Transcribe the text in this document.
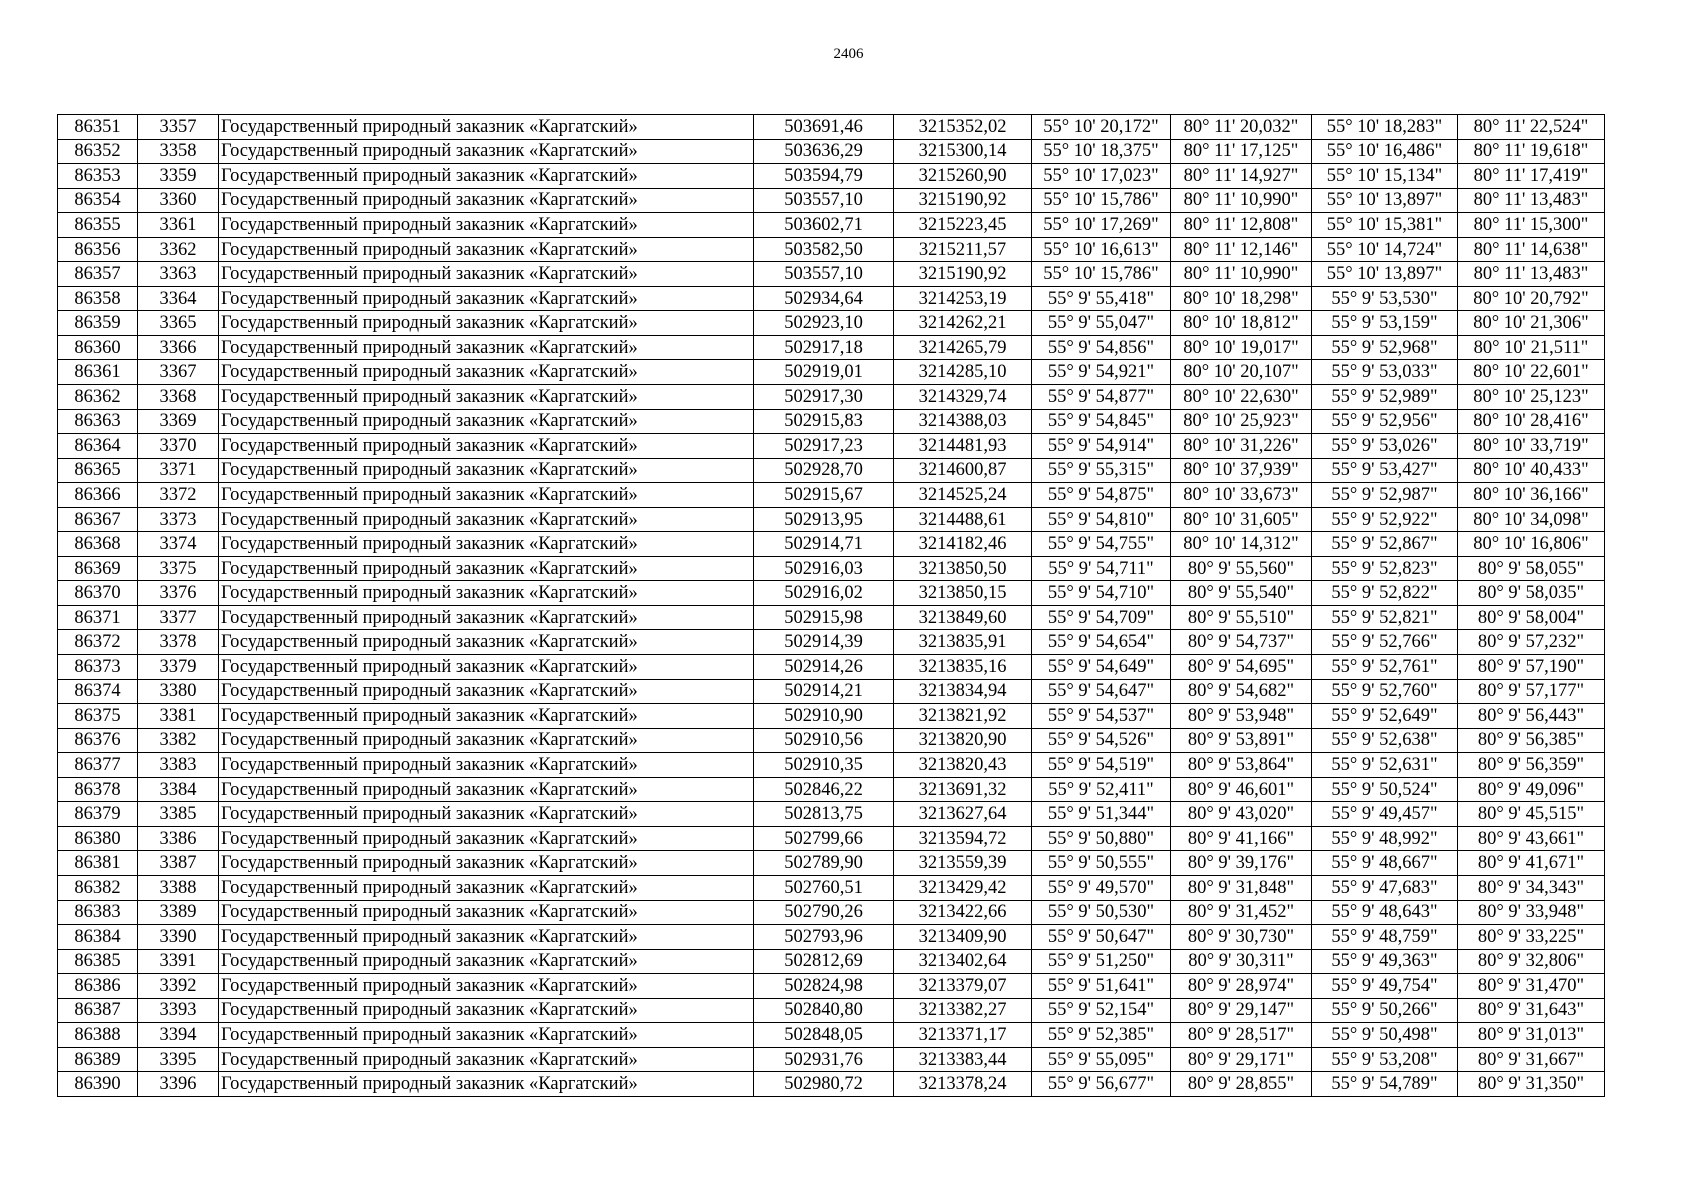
2406
86351	3357	Государственный природный заказник «Каргатский»	503691,46	3215352,02	55° 10' 20,172"	80° 11' 20,032"	55° 10' 18,283"	80° 11' 22,524"
86352	3358	Государственный природный заказник «Каргатский»	503636,29	3215300,14	55° 10' 18,375"	80° 11' 17,125"	55° 10' 16,486"	80° 11' 19,618"
86353	3359	Государственный природный заказник «Каргатский»	503594,79	3215260,90	55° 10' 17,023"	80° 11' 14,927"	55° 10' 15,134"	80° 11' 17,419"
86354	3360	Государственный природный заказник «Каргатский»	503557,10	3215190,92	55° 10' 15,786"	80° 11' 10,990"	55° 10' 13,897"	80° 11' 13,483"
86355	3361	Государственный природный заказник «Каргатский»	503602,71	3215223,45	55° 10' 17,269"	80° 11' 12,808"	55° 10' 15,381"	80° 11' 15,300"
86356	3362	Государственный природный заказник «Каргатский»	503582,50	3215211,57	55° 10' 16,613"	80° 11' 12,146"	55° 10' 14,724"	80° 11' 14,638"
86357	3363	Государственный природный заказник «Каргатский»	503557,10	3215190,92	55° 10' 15,786"	80° 11' 10,990"	55° 10' 13,897"	80° 11' 13,483"
86358	3364	Государственный природный заказник «Каргатский»	502934,64	3214253,19	55° 9' 55,418"	80° 10' 18,298"	55° 9' 53,530"	80° 10' 20,792"
86359	3365	Государственный природный заказник «Каргатский»	502923,10	3214262,21	55° 9' 55,047"	80° 10' 18,812"	55° 9' 53,159"	80° 10' 21,306"
86360	3366	Государственный природный заказник «Каргатский»	502917,18	3214265,79	55° 9' 54,856"	80° 10' 19,017"	55° 9' 52,968"	80° 10' 21,511"
86361	3367	Государственный природный заказник «Каргатский»	502919,01	3214285,10	55° 9' 54,921"	80° 10' 20,107"	55° 9' 53,033"	80° 10' 22,601"
86362	3368	Государственный природный заказник «Каргатский»	502917,30	3214329,74	55° 9' 54,877"	80° 10' 22,630"	55° 9' 52,989"	80° 10' 25,123"
86363	3369	Государственный природный заказник «Каргатский»	502915,83	3214388,03	55° 9' 54,845"	80° 10' 25,923"	55° 9' 52,956"	80° 10' 28,416"
86364	3370	Государственный природный заказник «Каргатский»	502917,23	3214481,93	55° 9' 54,914"	80° 10' 31,226"	55° 9' 53,026"	80° 10' 33,719"
86365	3371	Государственный природный заказник «Каргатский»	502928,70	3214600,87	55° 9' 55,315"	80° 10' 37,939"	55° 9' 53,427"	80° 10' 40,433"
86366	3372	Государственный природный заказник «Каргатский»	502915,67	3214525,24	55° 9' 54,875"	80° 10' 33,673"	55° 9' 52,987"	80° 10' 36,166"
86367	3373	Государственный природный заказник «Каргатский»	502913,95	3214488,61	55° 9' 54,810"	80° 10' 31,605"	55° 9' 52,922"	80° 10' 34,098"
86368	3374	Государственный природный заказник «Каргатский»	502914,71	3214182,46	55° 9' 54,755"	80° 10' 14,312"	55° 9' 52,867"	80° 10' 16,806"
86369	3375	Государственный природный заказник «Каргатский»	502916,03	3213850,50	55° 9' 54,711"	80° 9' 55,560"	55° 9' 52,823"	80° 9' 58,055"
86370	3376	Государственный природный заказник «Каргатский»	502916,02	3213850,15	55° 9' 54,710"	80° 9' 55,540"	55° 9' 52,822"	80° 9' 58,035"
86371	3377	Государственный природный заказник «Каргатский»	502915,98	3213849,60	55° 9' 54,709"	80° 9' 55,510"	55° 9' 52,821"	80° 9' 58,004"
86372	3378	Государственный природный заказник «Каргатский»	502914,39	3213835,91	55° 9' 54,654"	80° 9' 54,737"	55° 9' 52,766"	80° 9' 57,232"
86373	3379	Государственный природный заказник «Каргатский»	502914,26	3213835,16	55° 9' 54,649"	80° 9' 54,695"	55° 9' 52,761"	80° 9' 57,190"
86374	3380	Государственный природный заказник «Каргатский»	502914,21	3213834,94	55° 9' 54,647"	80° 9' 54,682"	55° 9' 52,760"	80° 9' 57,177"
86375	3381	Государственный природный заказник «Каргатский»	502910,90	3213821,92	55° 9' 54,537"	80° 9' 53,948"	55° 9' 52,649"	80° 9' 56,443"
86376	3382	Государственный природный заказник «Каргатский»	502910,56	3213820,90	55° 9' 54,526"	80° 9' 53,891"	55° 9' 52,638"	80° 9' 56,385"
86377	3383	Государственный природный заказник «Каргатский»	502910,35	3213820,43	55° 9' 54,519"	80° 9' 53,864"	55° 9' 52,631"	80° 9' 56,359"
86378	3384	Государственный природный заказник «Каргатский»	502846,22	3213691,32	55° 9' 52,411"	80° 9' 46,601"	55° 9' 50,524"	80° 9' 49,096"
86379	3385	Государственный природный заказник «Каргатский»	502813,75	3213627,64	55° 9' 51,344"	80° 9' 43,020"	55° 9' 49,457"	80° 9' 45,515"
86380	3386	Государственный природный заказник «Каргатский»	502799,66	3213594,72	55° 9' 50,880"	80° 9' 41,166"	55° 9' 48,992"	80° 9' 43,661"
86381	3387	Государственный природный заказник «Каргатский»	502789,90	3213559,39	55° 9' 50,555"	80° 9' 39,176"	55° 9' 48,667"	80° 9' 41,671"
86382	3388	Государственный природный заказник «Каргатский»	502760,51	3213429,42	55° 9' 49,570"	80° 9' 31,848"	55° 9' 47,683"	80° 9' 34,343"
86383	3389	Государственный природный заказник «Каргатский»	502790,26	3213422,66	55° 9' 50,530"	80° 9' 31,452"	55° 9' 48,643"	80° 9' 33,948"
86384	3390	Государственный природный заказник «Каргатский»	502793,96	3213409,90	55° 9' 50,647"	80° 9' 30,730"	55° 9' 48,759"	80° 9' 33,225"
86385	3391	Государственный природный заказник «Каргатский»	502812,69	3213402,64	55° 9' 51,250"	80° 9' 30,311"	55° 9' 49,363"	80° 9' 32,806"
86386	3392	Государственный природный заказник «Каргатский»	502824,98	3213379,07	55° 9' 51,641"	80° 9' 28,974"	55° 9' 49,754"	80° 9' 31,470"
86387	3393	Государственный природный заказник «Каргатский»	502840,80	3213382,27	55° 9' 52,154"	80° 9' 29,147"	55° 9' 50,266"	80° 9' 31,643"
86388	3394	Государственный природный заказник «Каргатский»	502848,05	3213371,17	55° 9' 52,385"	80° 9' 28,517"	55° 9' 50,498"	80° 9' 31,013"
86389	3395	Государственный природный заказник «Каргатский»	502931,76	3213383,44	55° 9' 55,095"	80° 9' 29,171"	55° 9' 53,208"	80° 9' 31,667"
86390	3396	Государственный природный заказник «Каргатский»	502980,72	3213378,24	55° 9' 56,677"	80° 9' 28,855"	55° 9' 54,789"	80° 9' 31,350"
